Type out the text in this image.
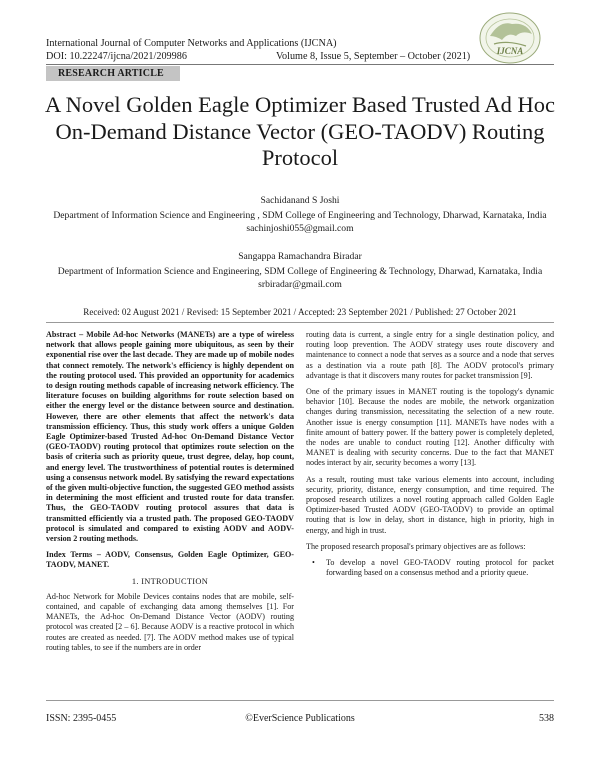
International Journal of Computer Networks and Applications (IJCNA)
DOI: 10.22247/ijcna/2021/209986	Volume 8, Issue 5, September – October (2021)	IJCNA
RESEARCH ARTICLE
A Novel Golden Eagle Optimizer Based Trusted Ad Hoc On-Demand Distance Vector (GEO-TAODV) Routing Protocol
Sachidanand S Joshi
Department of Information Science and Engineering , SDM College of Engineering and Technology, Dharwad, Karnataka, India
sachinjoshi055@gmail.com
Sangappa Ramachandra Biradar
Department of Information Science and Engineering, SDM College of Engineering & Technology, Dharwad, Karnataka, India
srbiradar@gmail.com
Received: 02 August 2021 / Revised: 15 September 2021 / Accepted: 23 September 2021 / Published: 27 October 2021

Abstract – Mobile Ad-hoc Networks (MANETs) are a type of wireless network that allows people gaining more ubiquitous, as seen by their exponential rise over the last decade. They are made up of mobile nodes that connect remotely. The network's efficiency is highly dependent on the routing protocol used. This provided an opportunity for academics to design routing methods capable of increasing network efficiency. The literature focuses on building algorithms for route selection based on either the energy level or the distance between source and destination. However, there are other elements that affect the network's data transmission efficiency. Thus, this study work offers a unique Golden Eagle Optimizer-based Trusted Ad-hoc On-Demand Distance Vector (GEO-TAODV) routing protocol that optimizes route selection on the basis of criteria such as priority queue, trust degree, delay, hop count, and energy level. The trustworthiness of potential routes is determined using a consensus network model. By satisfying the reward expectations of the given multi-objective function, the suggested GEO method assists in determining the most efficient and trusted route for data transfer. Thus, the GEO-TAODV routing protocol assures that data is transmitted efficiently via a trusted path. The proposed GEO-TAODV protocol is simulated and compared to existing AODV and AODV-version 2 routing methods.

Index Terms – AODV, Consensus, Golden Eagle Optimizer, GEO-TAODV, MANET.

1. INTRODUCTION

Ad-hoc Network for Mobile Devices contains nodes that are mobile, self-contained, and capable of exchanging data among themselves [1]. For MANETs, the Ad-hoc On-Demand Distance Vector (AODV) routing protocol was created [2 – 6]. Because AODV is a reactive protocol in which routes are created as needed. [7]. The AODV method makes use of typical routing tables, to see if the numbers are in order

routing data is current, a single entry for a single destination policy, and routing loop prevention. The AODV strategy uses route discovery and maintenance to connect a node that serves as a source and a node that serves as a destination via a route path [8]. The AODV protocol's primary advantage is that it discovers many routes for packet transmission [9].

One of the primary issues in MANET routing is the topology's dynamic behavior [10]. Because the nodes are mobile, the network organization changes during transmission, necessitating the selection of a new route. Another issue is energy consumption [11]. MANETs have nodes with a finite amount of battery power. If the battery power is completely depleted, the nodes are unable to conduct routing [12]. Another difficulty with MANET is dealing with security concerns. Due to the fact that MANET nodes interact by air, security becomes a worry [13].

As a result, routing must take various elements into account, including security, priority, distance, energy consumption, and time required. The proposed research utilizes a novel routing approach called Golden Eagle Optimizer-based Trusted AODV (GEO-TAODV) to provide an optimal routing that is low in delay, short in distance, high in priority, high in energy, and high in trust.

The proposed research proposal's primary objectives are as follows:

• To develop a novel GEO-TAODV routing protocol for packet forwarding based on a consensus method and a priority queue.
ISSN: 2395-0455	©EverScience Publications	538
